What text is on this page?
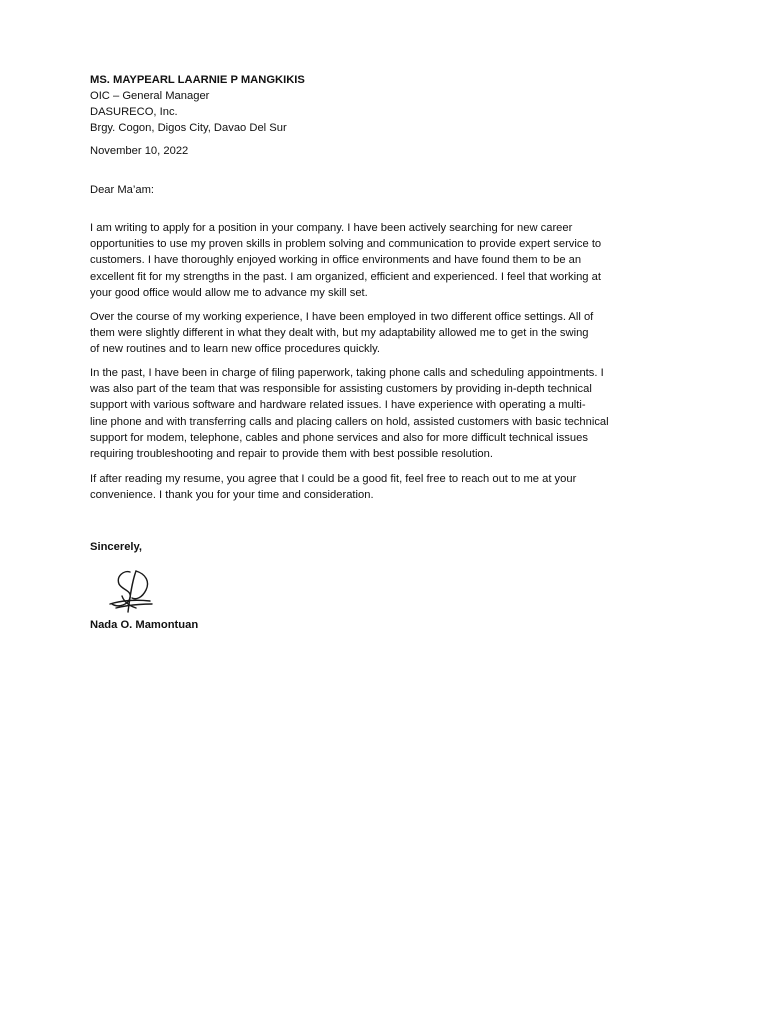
MS. MAYPEARL LAARNIE P MANGKIKIS
OIC – General Manager
DASURECO, Inc.
Brgy. Cogon, Digos City, Davao Del Sur
November 10, 2022
Dear Ma’am:
I am writing to apply for a position in your company. I have been actively searching for new career
opportunities to use my proven skills in problem solving and communication to provide expert service to
customers. I have thoroughly enjoyed working in office environments and have found them to be an
excellent fit for my strengths in the past. I am organized, efficient and experienced. I feel that working at
your good office would allow me to advance my skill set.
Over the course of my working experience, I have been employed in two different office settings. All of
them were slightly different in what they dealt with, but my adaptability allowed me to get in the swing
of new routines and to learn new office procedures quickly.
In the past, I have been in charge of filing paperwork, taking phone calls and scheduling appointments. I
was also part of the team that was responsible for assisting customers by providing in-depth technical
support with various software and hardware related issues. I have experience with operating a multi-
line phone and with transferring calls and placing callers on hold, assisted customers with basic technical
support for modem, telephone, cables and phone services and also for more difficult technical issues
requiring troubleshooting and repair to provide them with best possible resolution.
If after reading my resume, you agree that I could be a good fit, feel free to reach out to me at your
convenience. I thank you for your time and consideration.
Sincerely,
Nada O. Mamontuan
